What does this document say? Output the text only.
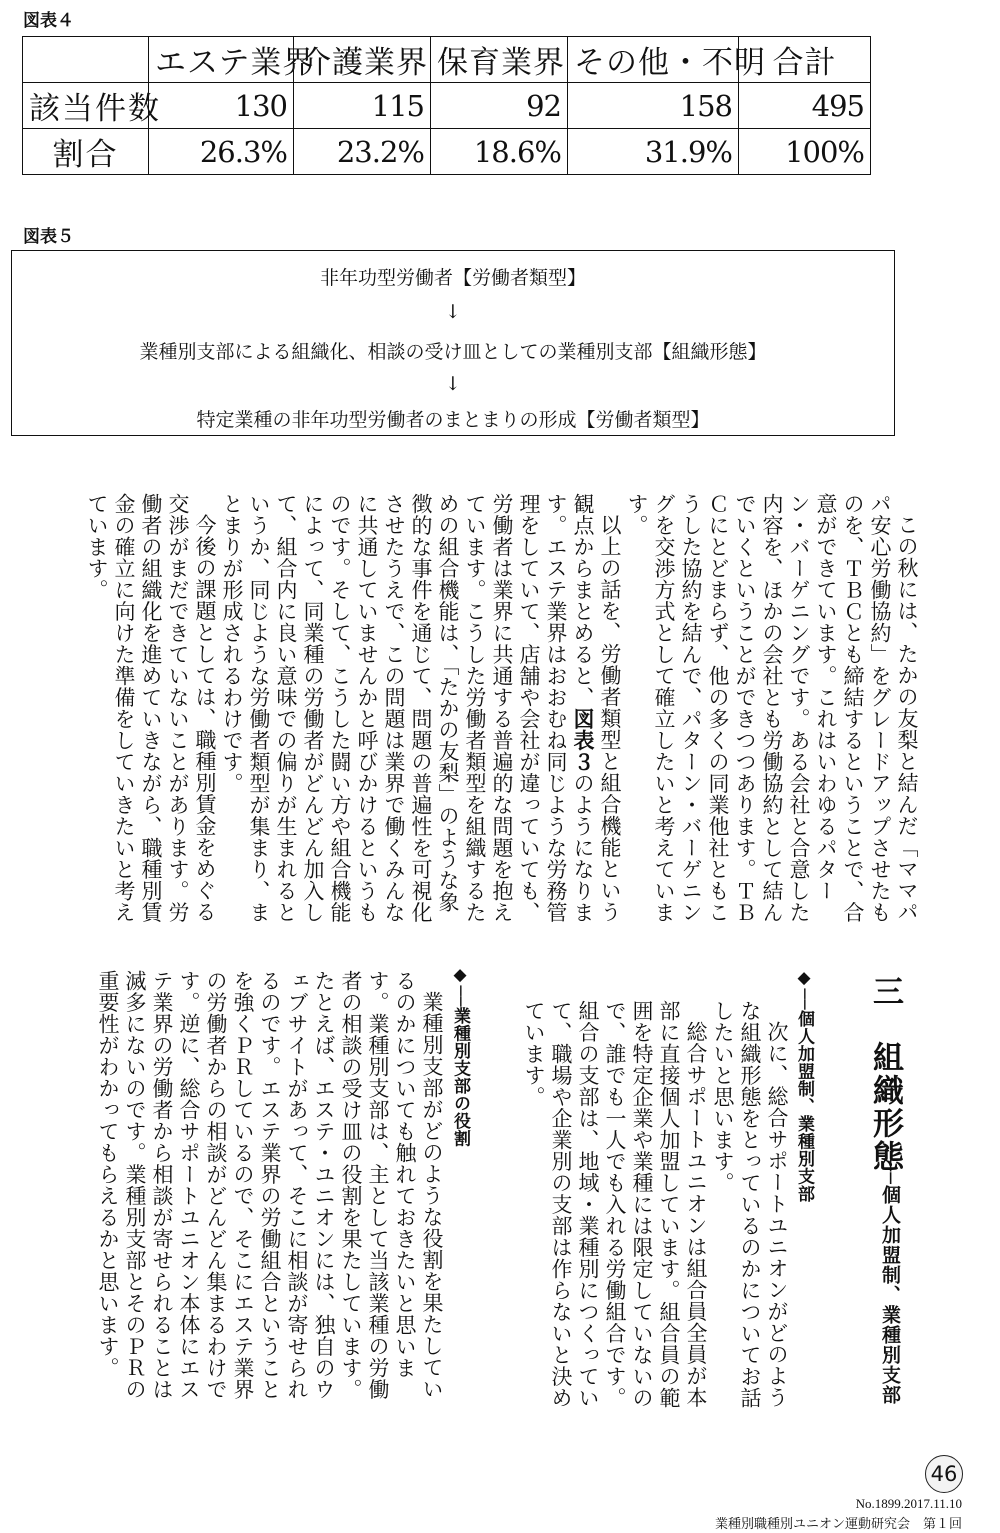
図表４
	エステ業界	介護業界	保育業界	その他・不明	合計
該当件数	130	115	92	158	495
割合	26.3%	23.2%	18.6%	31.9%	100%
図表５
非年功型労働者【労働者類型】
↓
業種別支部による組織化、相談の受け皿としての業種別支部【組織形態】
↓
特定業種の非年功型労働者のまとまりの形成【労働者類型】

この秋には、たかの友梨と結んだ「ママパパ安心労働協約」をグレードアップさせたものを、ＴＢＣとも締結するということで、合意ができています。これはいわゆるパターン・バーゲニングです。ある会社と合意した内容を、ほかの会社とも労働協約として結んでいくということができつつあります。ＴＢＣにとどまらず、他の多くの同業他社ともこうした協約を結んで、パターン・バーゲニングを交渉方式として確立したいと考えています。

以上の話を、労働者類型と組合機能という観点からまとめると、図表３のようになります。エステ業界はおおむね同じような労務管理をしていて、店舗や会社が違っていても、労働者は業界に共通する普遍的な問題を抱えています。こうした労働者類型を組織するための組合機能は、「たかの友梨」のような象徴的な事件を通じて、問題の普遍性を可視化させたうえで、この問題は業界で働くみんなに共通していませんかと呼びかけるというものです。そして、こうした闘い方や組合機能によって、同業種の労働者がどんどん加入して、組合内に良い意味での偏りが生まれるというか、同じような労働者類型が集まり、まとまりが形成されるわけです。

今後の課題としては、職種別賃金をめぐる交渉がまだできていないことがあります。労働者の組織化を進めていきながら、職種別賃金の確立に向けた準備をしていきたいと考えています。

三　組織形態
──個人加盟制、業種別支部
◆──個人加盟制、業種別支部

次に、総合サポートユニオンがどのような組織形態をとっているのかについてお話したいと思います。

総合サポートユニオンは組合員全員が本部に直接個人加盟しています。組合員の範囲を特定企業や業種には限定していないので、誰でも一人でも入れる労働組合です。組合の支部は、地域・業種別につくっていて、職場や企業別の支部は作らないと決めています。

◆──業種別支部の役割

業種別支部がどのような役割を果たしているのかについても触れておきたいと思います。業種別支部は、主として当該業種の労働者の相談の受け皿の役割を果たしています。たとえば、エステ・ユニオンには、独自のウェブサイトがあって、そこに相談が寄せられるのです。エステ業界の労働組合ということを強くＰＲしているので、そこにエステ業界の労働者からの相談がどんどん集まるわけです。逆に、総合サポートユニオン本体にエステ業界の労働者から相談が寄せられることは滅多にないのです。業種別支部とそのＰＲの重要性がわかってもらえるかと思います。

46
No.1899.2017.11.10
業種別職種別ユニオン運動研究会　第１回
